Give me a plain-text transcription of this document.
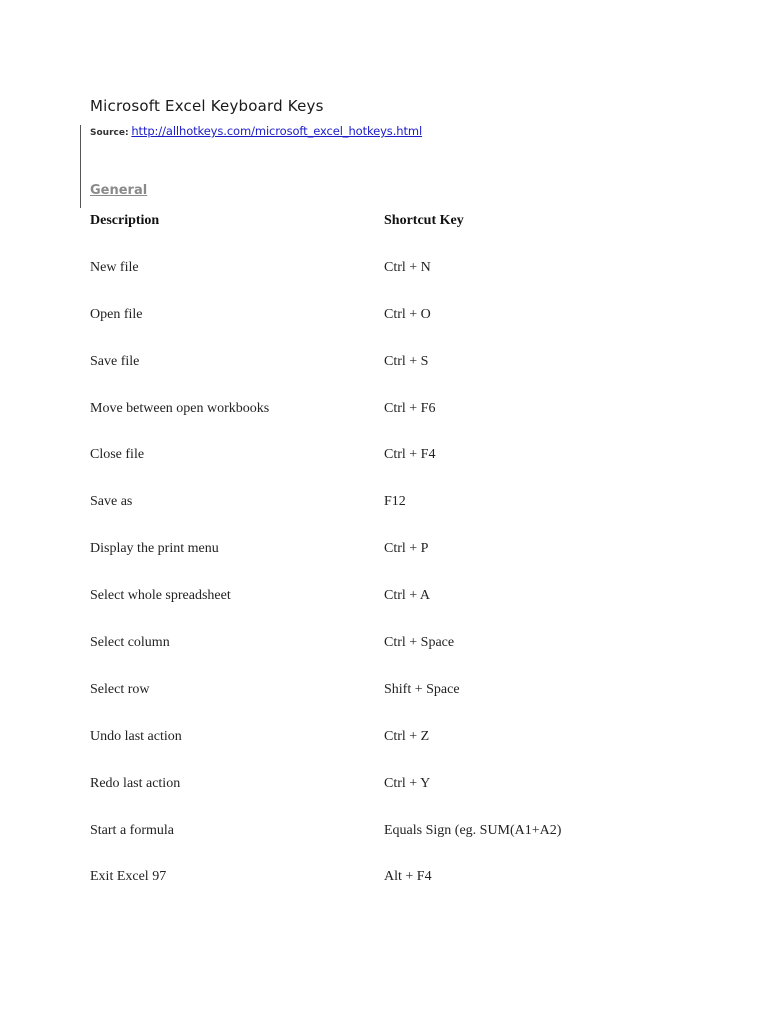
Microsoft Excel Keyboard Keys
Source: http://allhotkeys.com/microsoft_excel_hotkeys.html
General
Description	Shortcut Key
New file	Ctrl + N
Open file	Ctrl + O
Save file	Ctrl + S
Move between open workbooks	Ctrl + F6
Close file	Ctrl + F4
Save as	F12
Display the print menu	Ctrl + P
Select whole spreadsheet	Ctrl + A
Select column	Ctrl + Space
Select row	Shift + Space
Undo last action	Ctrl + Z
Redo last action	Ctrl + Y
Start a formula	Equals Sign (eg. SUM(A1+A2)
Exit Excel 97	Alt + F4
